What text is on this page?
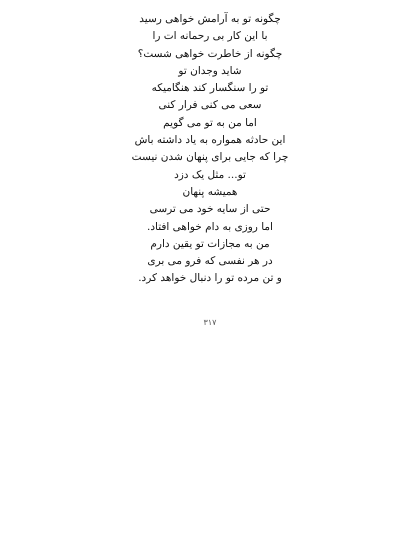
چگونه تو به آرامش خواهی رسید
با این کار بی رحمانه ات را
چگونه از خاطرت خواهی شست؟
شاید وجدان تو
تو را سنگسار کند هنگامیکه
سعی می کنی فرار کنی
اما من به تو می گویم
این حادثه همواره به یاد داشته باش
چرا که جایی برای پنهان شدن نیست
تو... مثل یک دزد
همیشه پنهان
حتی از سایه خود می ترسی
اما روزی به دام خواهی افتاد.
من به مجازات تو یقین دارم
در هر نفسی که فرو می بری
و تن مرده تو را دنبال خواهد کرد.
۳۱۷
